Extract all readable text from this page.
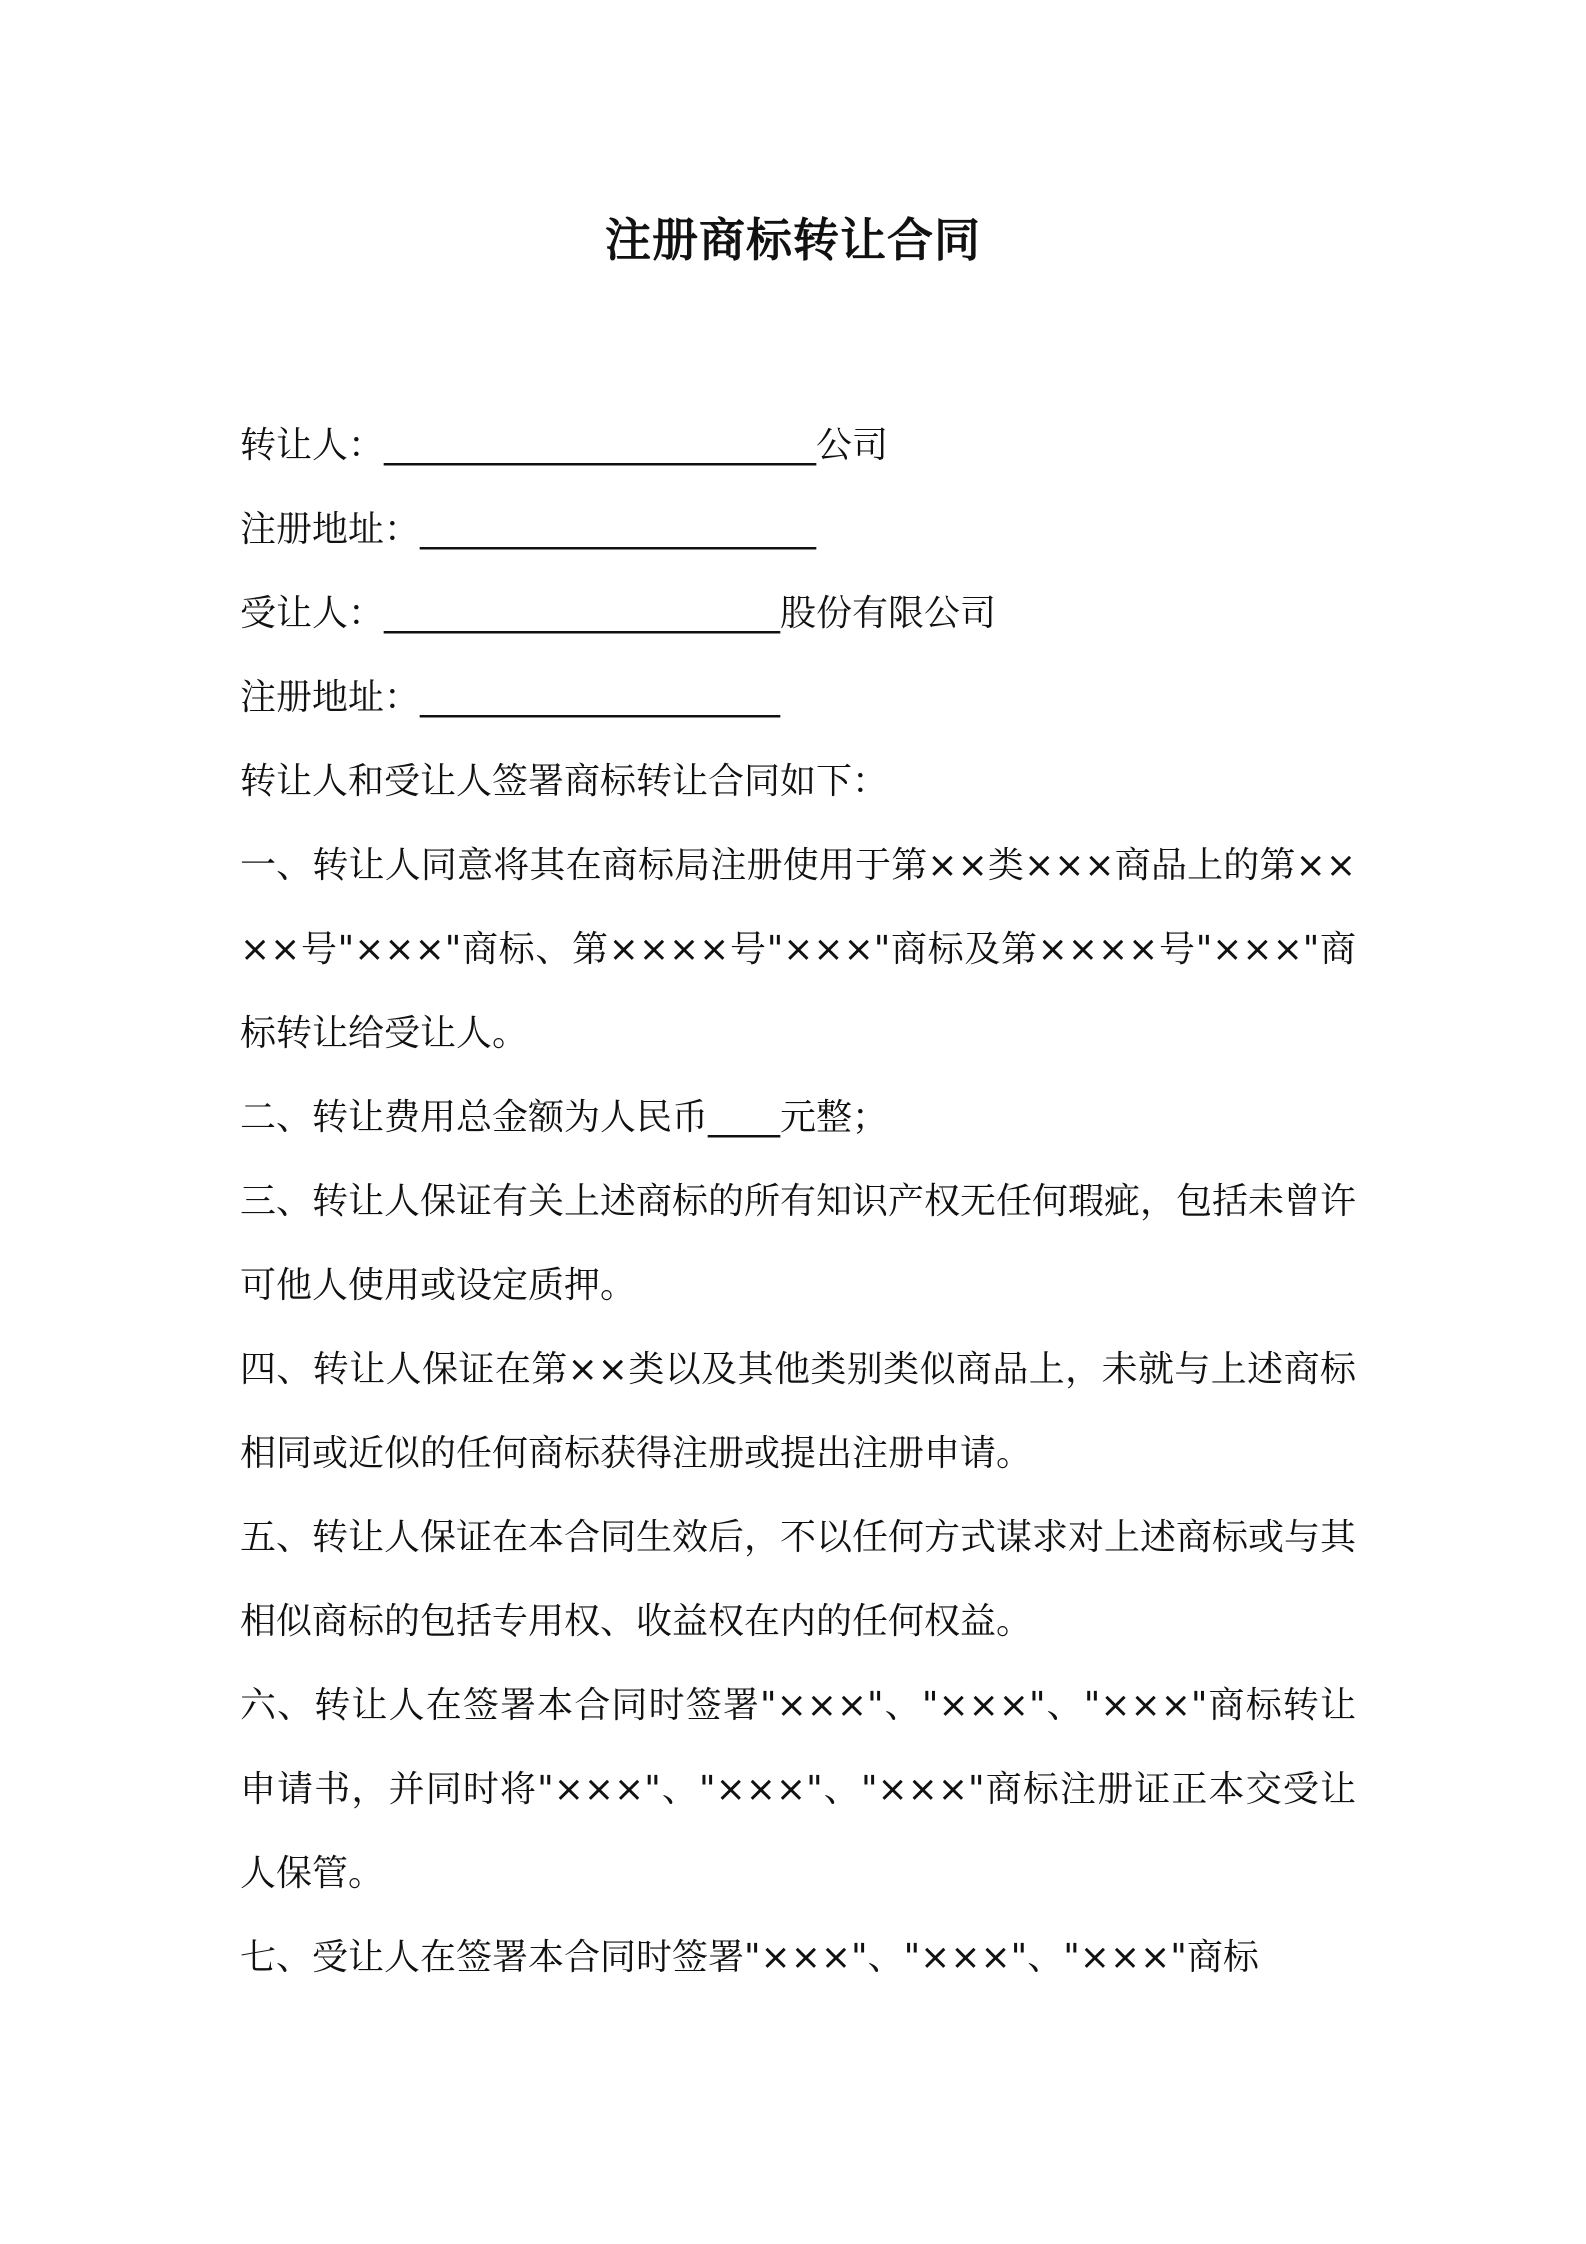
注册商标转让合同
转让人：________________________公司
注册地址：______________________
受让人：______________________股份有限公司
注册地址：____________________
转让人和受让人签署商标转让合同如下：
一、转让人同意将其在商标局注册使用于第××类×××商品上的第××××号"×××"商标、第××××号"×××"商标及第××××号"×××"商标转让给受让人。
二、转让费用总金额为人民币____元整；
三、转让人保证有关上述商标的所有知识产权无任何瑕疵，包括未曾许可他人使用或设定质押。
四、转让人保证在第××类以及其他类别类似商品上，未就与上述商标相同或近似的任何商标获得注册或提出注册申请。
五、转让人保证在本合同生效后，不以任何方式谋求对上述商标或与其相似商标的包括专用权、收益权在内的任何权益。
六、转让人在签署本合同时签署"×××"、"×××"、"×××"商标转让申请书，并同时将"×××"、"×××"、"×××"商标注册证正本交受让人保管。
七、受让人在签署本合同时签署"×××"、"×××"、"×××"商标
